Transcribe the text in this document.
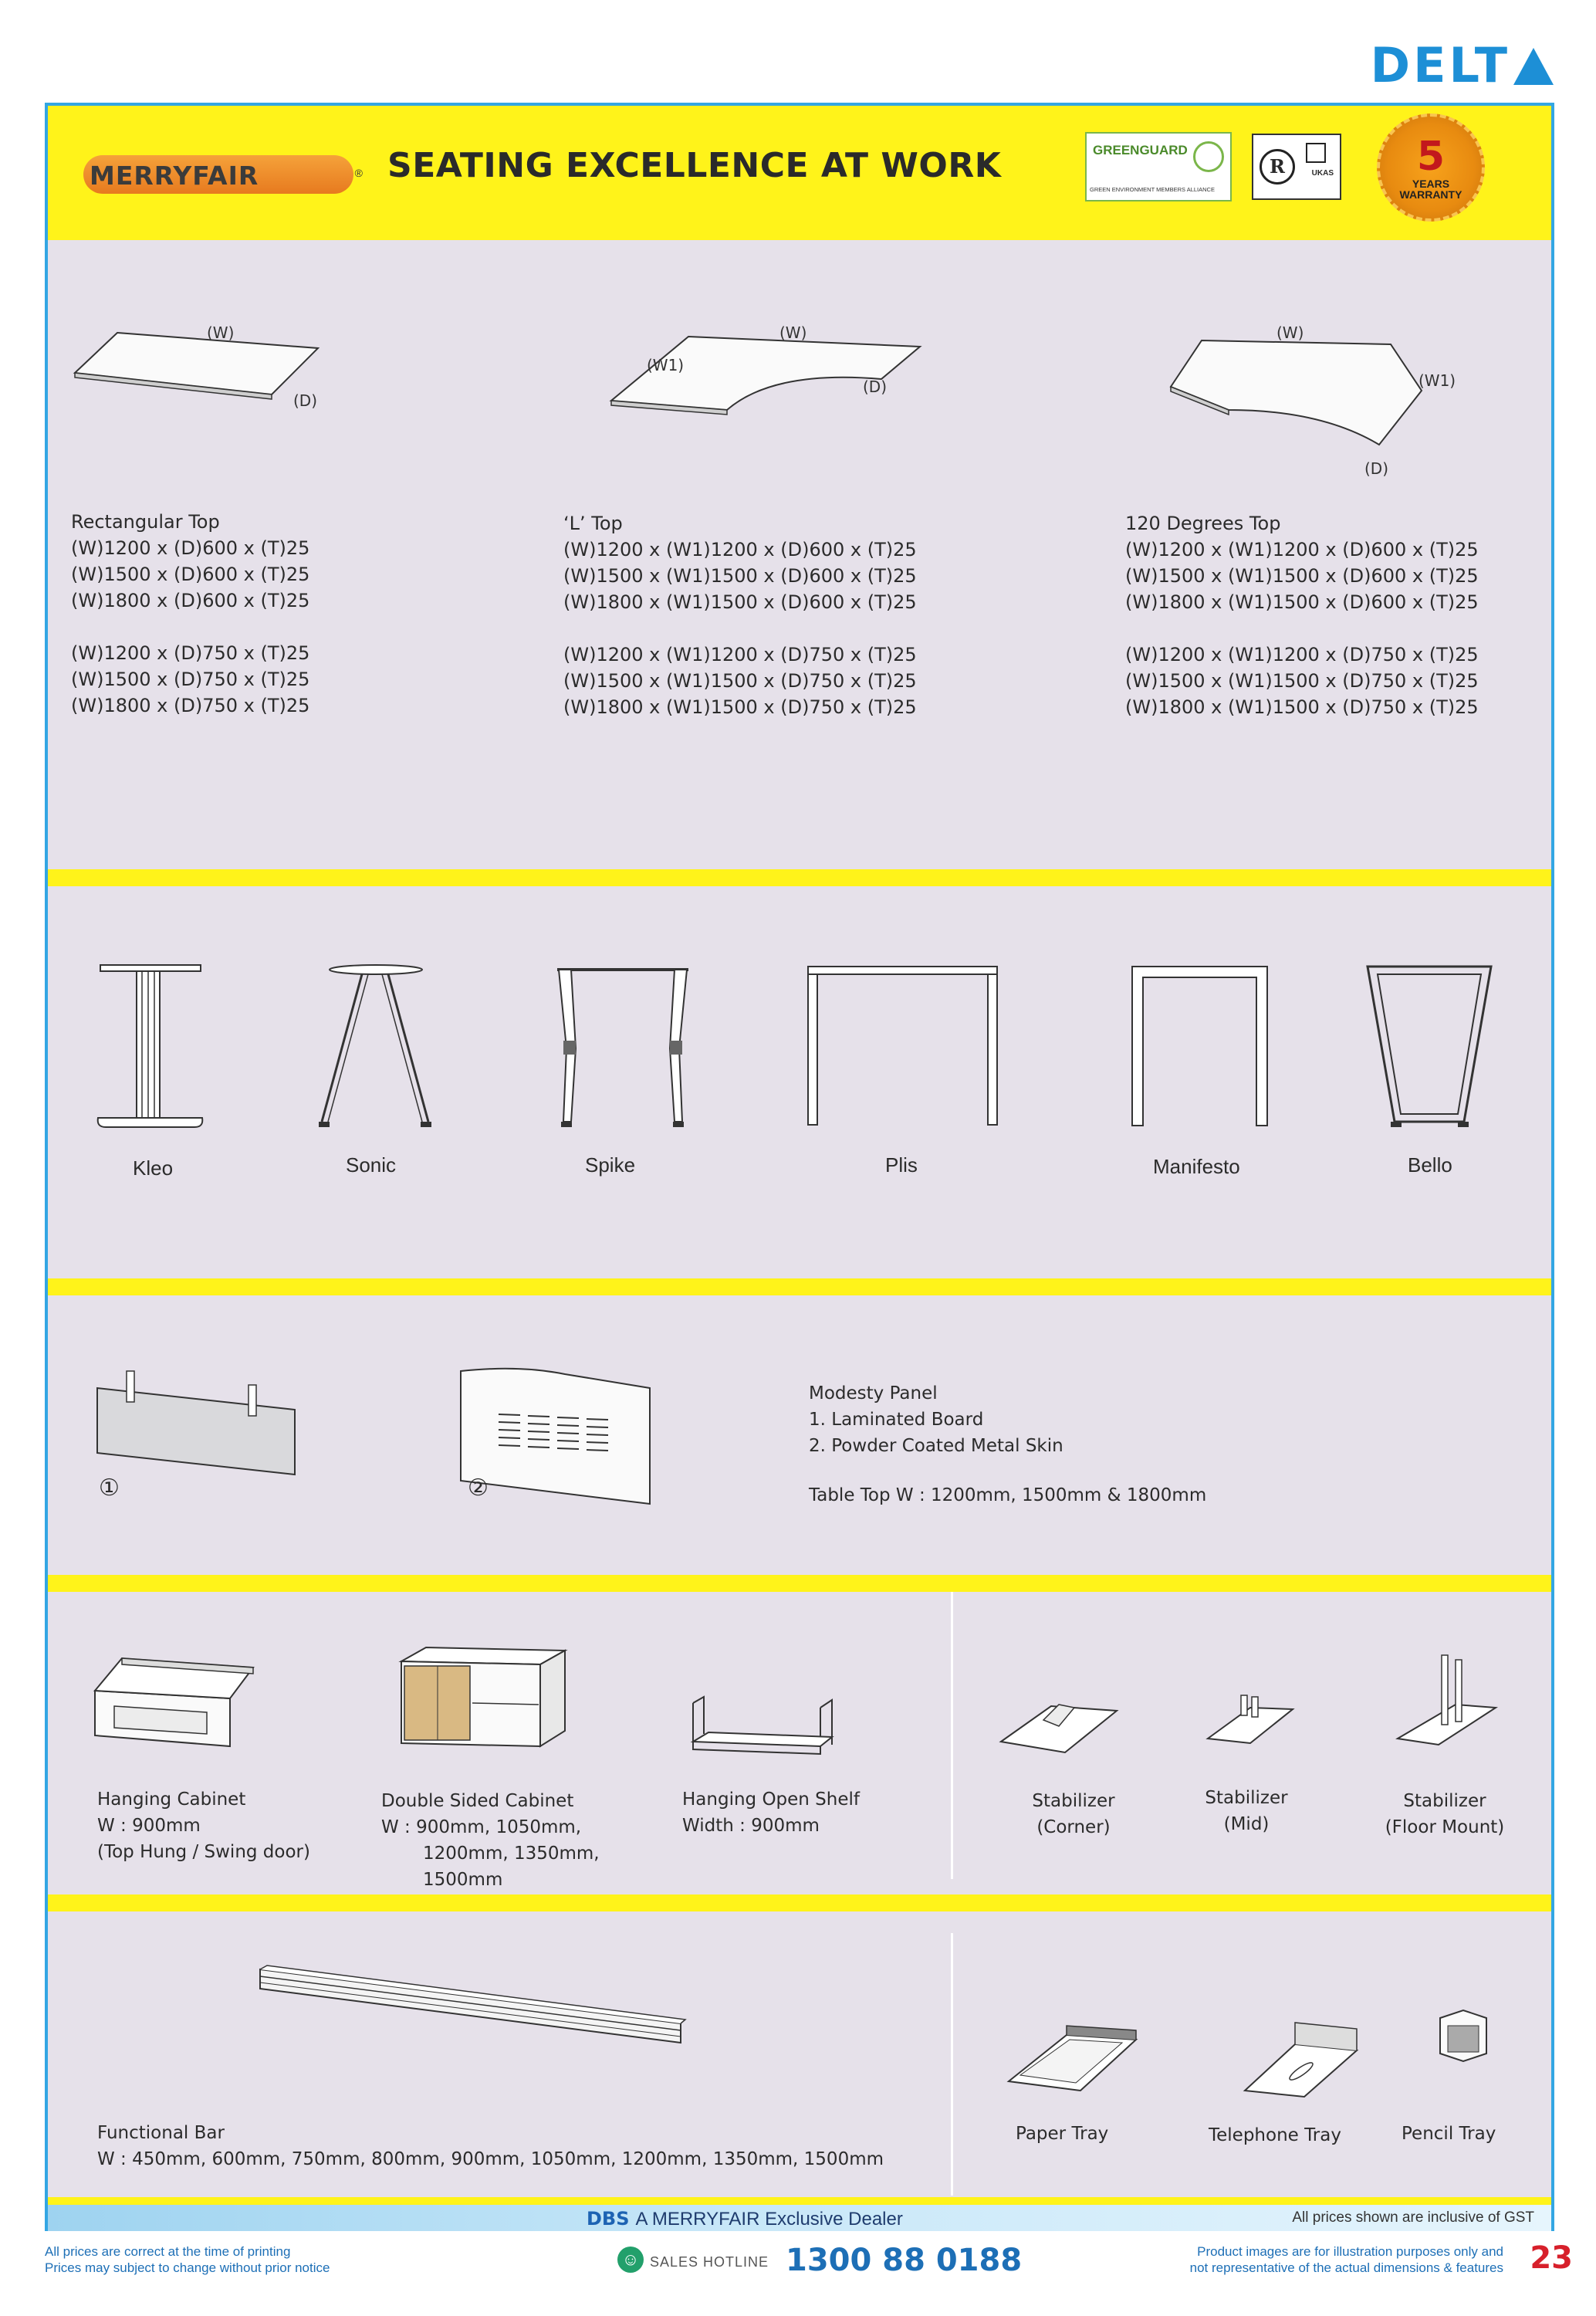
DELT
MERRYFAIR	® SEATING EXCELLENCE AT WORK	GREENGUARD
GREEN ENVIRONMENT MEMBERS ALLIANCE
R	UKAS	5
YEARS
WARRANTY
(W)
(D)
Rectangular Top
(W)1200 x (D)600 x (T)25
(W)1500 x (D)600 x (T)25
(W)1800 x (D)600 x (T)25
(W)1200 x (D)750 x (T)25
(W)1500 x (D)750 x (T)25
(W)1800 x (D)750 x (T)25
(W1)
(W)
(D)
‘L’ Top
(W)1200 x (W1)1200 x (D)600 x (T)25
(W)1500 x (W1)1500 x (D)600 x (T)25
(W)1800 x (W1)1500 x (D)600 x (T)25
(W)1200 x (W1)1200 x (D)750 x (T)25
(W)1500 x (W1)1500 x (D)750 x (T)25
(W)1800 x (W1)1500 x (D)750 x (T)25
(W)
(W1)
(D)
120 Degrees Top
(W)1200 x (W1)1200 x (D)600 x (T)25
(W)1500 x (W1)1500 x (D)600 x (T)25
(W)1800 x (W1)1500 x (D)600 x (T)25
(W)1200 x (W1)1200 x (D)750 x (T)25
(W)1500 x (W1)1500 x (D)750 x (T)25
(W)1800 x (W1)1500 x (D)750 x (T)25
Kleo	Sonic	Spike	Plis	Manifesto	Bello
①	②
Modesty Panel
1. Laminated Board
2. Powder Coated Metal Skin
Table Top W : 1200mm, 1500mm & 1800mm
Hanging Cabinet
W : 900mm
(Top Hung / Swing door)
Double Sided Cabinet
W : 900mm, 1050mm,
1200mm, 1350mm,
1500mm
Hanging Open Shelf
Width : 900mm
Stabilizer
(Corner)
Stabilizer
(Mid)
Stabilizer
(Floor Mount)
Functional Bar
W : 450mm, 600mm, 750mm, 800mm, 900mm, 1050mm, 1200mm, 1350mm, 1500mm
Paper Tray	Telephone Tray	Pencil Tray
DBS A MERRYFAIR Exclusive Dealer	All prices shown are inclusive of GST
All prices are correct at the time of printing
Prices may subject to change without prior notice	☺ SALES HOTLINE 1300 88 0188	Product images are for illustration purposes only and
not representative of the actual dimensions & features 23
